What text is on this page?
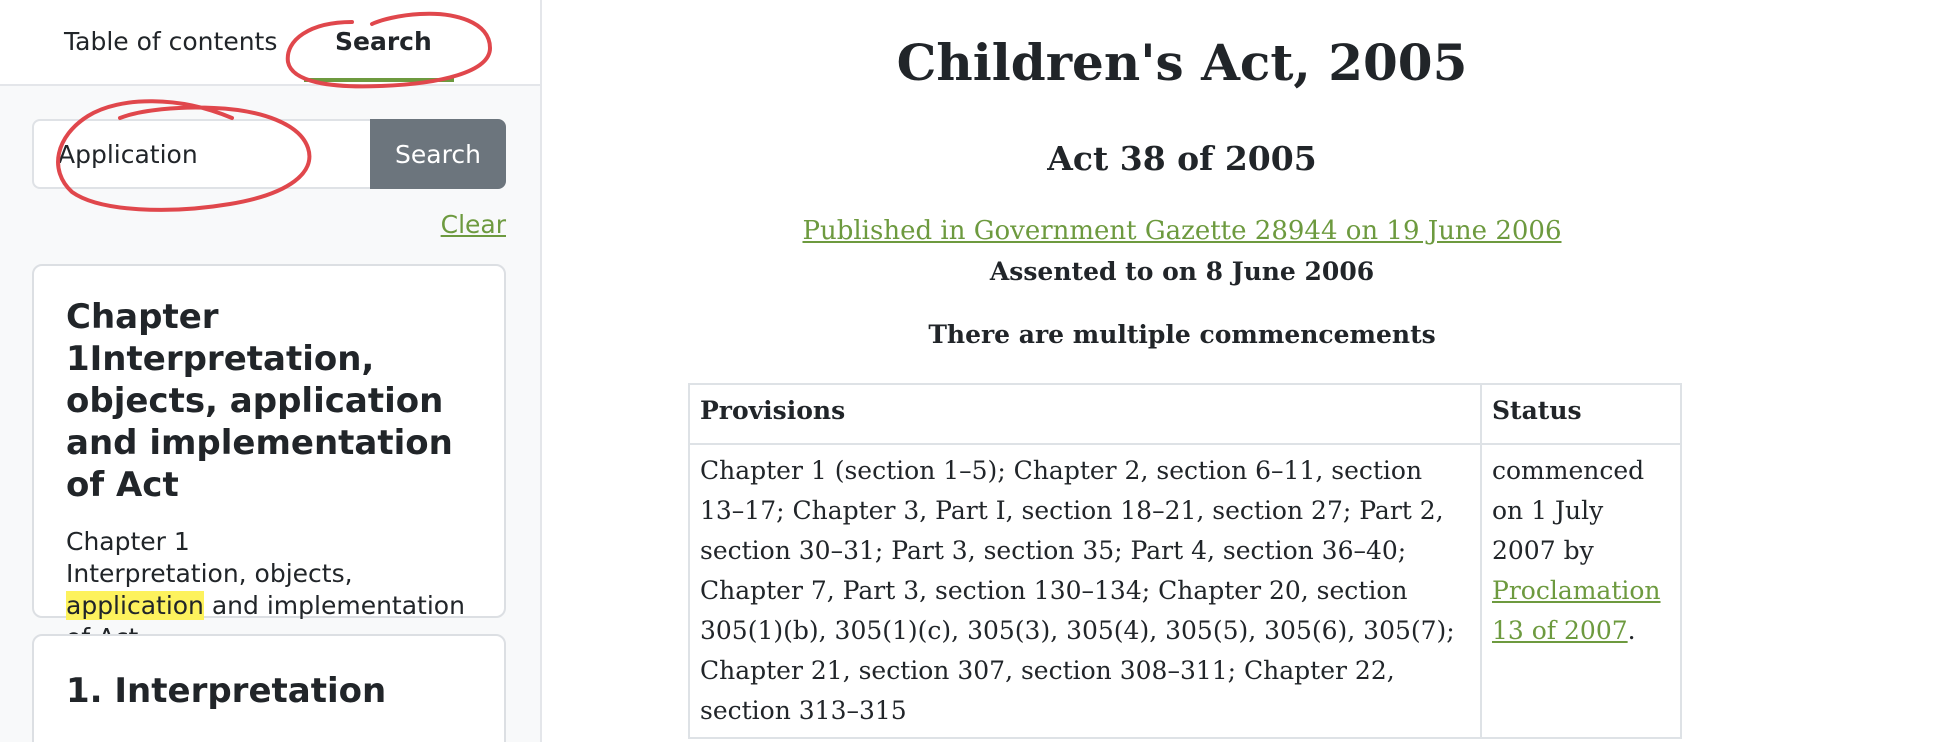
Table of contents Search
Application
Search
Clear
Chapter 1Interpretation, objects, application and implementation of Act
Chapter 1
Interpretation, objects,
application and implementation
1. Interpretation
Children's Act, 2005
Act 38 of 2005
Published in Government Gazette 28944 on 19 June 2006
Assented to on 8 June 2006
There are multiple commencements
Provisions	Status
Chapter 1 (section 1–5); Chapter 2, section 6–11, section 13–17; Chapter 3, Part I, section 18–21, section 27; Part 2, section 30–31; Part 3, section 35; Part 4, section 36–40; Chapter 7, Part 3, section 130–134; Chapter 20, section 305(1)(b), 305(1)(c), 305(3), 305(4), 305(5), 305(6), 305(7); Chapter 21, section 307, section 308–311; Chapter 22, section 313–315	commenced on 1 July 2007 by Proclamation 13 of 2007.
